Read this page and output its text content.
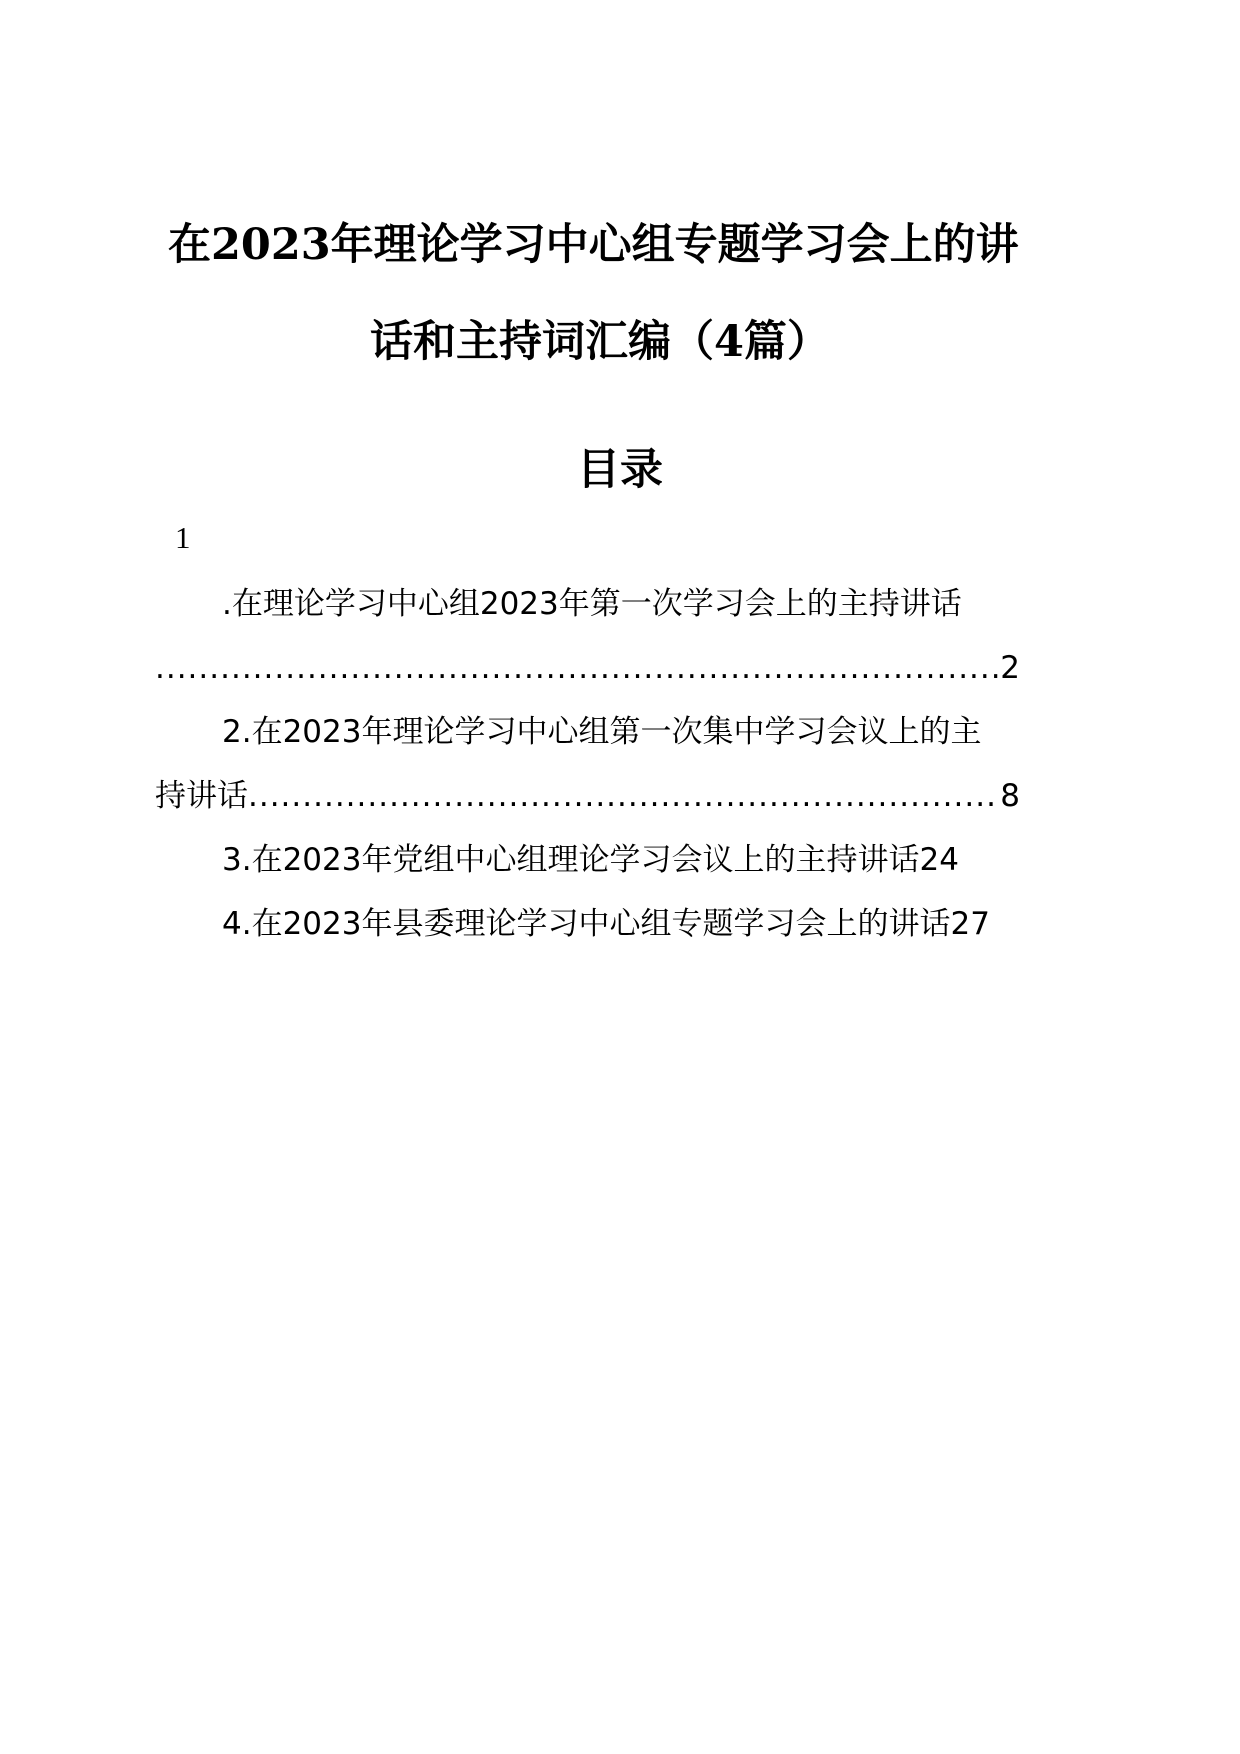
在2023年理论学习中心组专题学习会上的讲
话和主持词汇编（4篇）
目录
1
.在理论学习中心组2023年第一次学习会上的主持讲话
.....
2
2.在2023年理论学习中心组第一次集中学习会议上的主
持讲话
.....	8
3.在2023年党组中心组理论学习会议上的主持讲话24
4.在2023年县委理论学习中心组专题学习会上的讲话27
